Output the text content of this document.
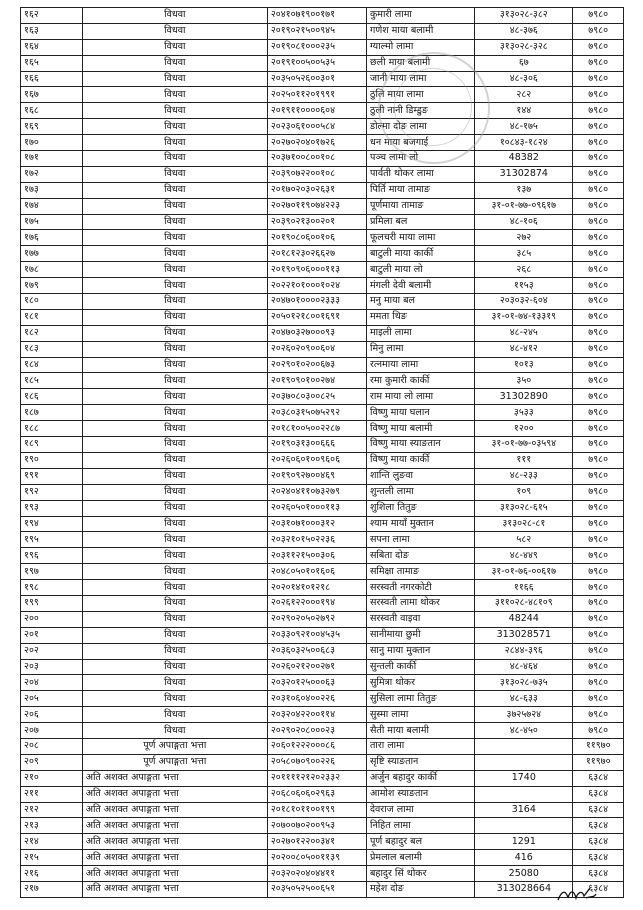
१६२	विधवा	२०४१०७१९००१७१	कुमारी लामा	३१३०२८-३८२	७९८०
१६३	विधवा	२०१९०२१५००९४५	गणेश माया बलामी	४८-३७६	७९८०
१६४	विधवा	२०१९०८१०००२३५	ग्याल्मो लामा	३१३०२८-३२८	७९८०
१६५	विधवा	२०१९१००५००५३५	छली माया बलामी	६७	७९८०
१६६	विधवा	२०३५०५२६००३०१	जानी माया लामा	४८-३०६	७९८०
१६७	विधवा	२०२५०११२०१९९१	ठुलि माया लामा	२८२	७९८०
१६८	विधवा	२०१९११००००६०४	ठुली नानी डिम्डुङ	१४४	७९८०
१६९	विधवा	२०२३०६१०००५८४	डोल्मा दोङ लामा	४८-१७५	७९८०
१७०	विधवा	२०२७०२०४०१७२६	धन माया बजगाई	१०८४३-१८२४	७९८०
१७१	विधवा	२०३७१००८००१०८	पञ्च लामा लो	48382	७९८०
१७२	विधवा	२०३९०७२२००१०८	पार्वती थोकर लामा	31302874	७९८०
१७३	विधवा	२०१७०२०३०२६३१	पिर्ति माया तामाङ	१३७	७९८०
१७४	विधवा	२०२७०११९०७४२२३	पूर्णमाया तामाङ	३१-०१-७७-०९६१७	७९८०
१७५	विधवा	२०३९०२१३००२०१	प्रमिला बल	४८-१०६	७९८०
१७६	विधवा	२०१९०८०६००१०६	फूलचरी माया लामा	२७२	७९८०
१७७	विधवा	२०१८१२३०२६६२७	बाटुली माया कार्की	३८५	७९८०
१७८	विधवा	२०१९०९०६०००११३	बाटुली माया लो	२६८	७९८०
१७९	विधवा	२०२२१०१०००१०२४	मंगली देवी बलामी	११५३	७९८०
१८०	विधवा	२०४७०१००००२३३३	मनु माया बल	२०३०३२-६०४	७९८०
१८१	विधवा	२०५०१२१८००१६९१	ममता थिङ	३१-०१-७४-१३३१९	७९८०
१८२	विधवा	२०४७०३२७०००९३	माइली लामा	४८-२४५	७९८०
१८३	विधवा	२०२६०२०९००६०४	मिनु लामा	४८-४१२	७९८०
१८४	विधवा	२०२९०१०२००६७३	रत्नमाया लामा	१०१३	७९८०
१८५	विधवा	२०१९०९०१००२७४	रमा कुमारी कार्की	३५०	७९८०
१८६	विधवा	२०३७०८०३००८२५	राम माया लो लामा	31302890	७९८०
१८७	विधवा	२०३८०३१५०७५२९२	विष्णु माया घलान	३५३३	७९८०
१८८	विधवा	२०१८१००५००२२८७	विष्णु माया बलामी	१२००	७९८०
१८९	विधवा	२०१९०३१३००६६६	विष्णु माया स्याङतान	३१-०१-७७-०३५९४	७९८०
१९०	विधवा	२०२६०६०१००९६०६	विष्णु माया कार्की	१११	७९८०
१९१	विधवा	२०१९०९२७००४६९	शान्ति लुङवा	४८-२३३	७९८०
१९२	विधवा	२०२४०४११०७३२७९	शुन्तली लामा	१०९	७९८०
१९३	विधवा	२०२६०५०१०००११३	शुशिला तितुङ	३१३०२८-६१५	७९८०
१९४	विधवा	२०३१०७१०००३१२	श्याम मायाँ मुक्तान	३१३०२८-८१	७९८०
१९५	विधवा	२०३२१०१५०२२३६	सपना लामा	५८२	७९८०
१९६	विधवा	२०३११२१५००३०६	सबिता दोङ	४८-४४९	७९८०
१९७	विधवा	२०४८०५०१०१६०६	समिक्षा तामाङ	३१-०१-७६-००६१७	७९८०
१९८	विधवा	२०२०१४१०१२१८	सरस्वती नगरकोटी	११६६	७९८०
१९९	विधवा	२०२६१२२०००१९४	सरस्वती लामा थोकर	३११०२८-४८१०९	७९८०
२००	विधवा	२०२९०२०५०२७९२	सरस्वती वाइवा	48244	७९८०
२०१	विधवा	२०३३०९२१००४५३५	सानीमाया छुमी	313028571	७९८०
२०२	विधवा	२०३६०३२५००६८३	सानु माया मुक्तान	२८४४-३९६	७९८०
२०३	विधवा	२०२६०२१२००२७१	सुन्तली कार्की	४८-४६४	७९८०
२०४	विधवा	२०३२०१२५०००६३	सुमित्रा थोकर	३१३०२८-७३५	७९८०
२०५	विधवा	२०३१०६०४००२२६	सुसिला लामा तितुङ	४८-६३३	७९८०
२०६	विधवा	२०३२०४२२००११४	सुस्मा लामा	३७२५७२४	७९८०
२०७	विधवा	२०२९०२०८०००२३	सैती माया बलामी	४८-४५०	७९८०
२०८	पूर्ण अपाङ्गता भत्ता	२०६०१२२२०००८६	तारा लामा		११९७०
२०९	पूर्ण अपाङ्गता भत्ता	२०५८०७०९००२२६	सृष्टि स्याङतान		११९७०
२१०	अति अशक्त अपाङ्गता भत्ता	२०११११२१२०२३३२	अर्जुन बहादुर कार्की	1740	६३८४
२११	अति अशक्त अपाङ्गता भत्ता	२०६८०६०६०२९६३	आमोश स्याङतान		६३८४
२१२	अति अशक्त अपाङ्गता भत्ता	२०१८१०११००१९९	देवराज लामा	3164	६३८४
२१३	अति अशक्त अपाङ्गता भत्ता	२०७००७०२००९५३	निहित लामा		६३८४
२१४	अति अशक्त अपाङ्गता भत्ता	२०२७०१२२००३४१	पूर्ण बहादुर बल	1291	६३८४
२१५	अति अशक्त अपाङ्गता भत्ता	२०२००८०५००११३९	प्रेमलाल बलामी	416	६३८४
२१६	अति अशक्त अपाङ्गता भत्ता	२०३२०२०४०४४११	बहादुर सिं थोकर	25080	६३८४
२१७	अति अशक्त अपाङ्गता भत्ता	२०३५०५२५००६५१	महेश दोङ	313028664	६३८४
